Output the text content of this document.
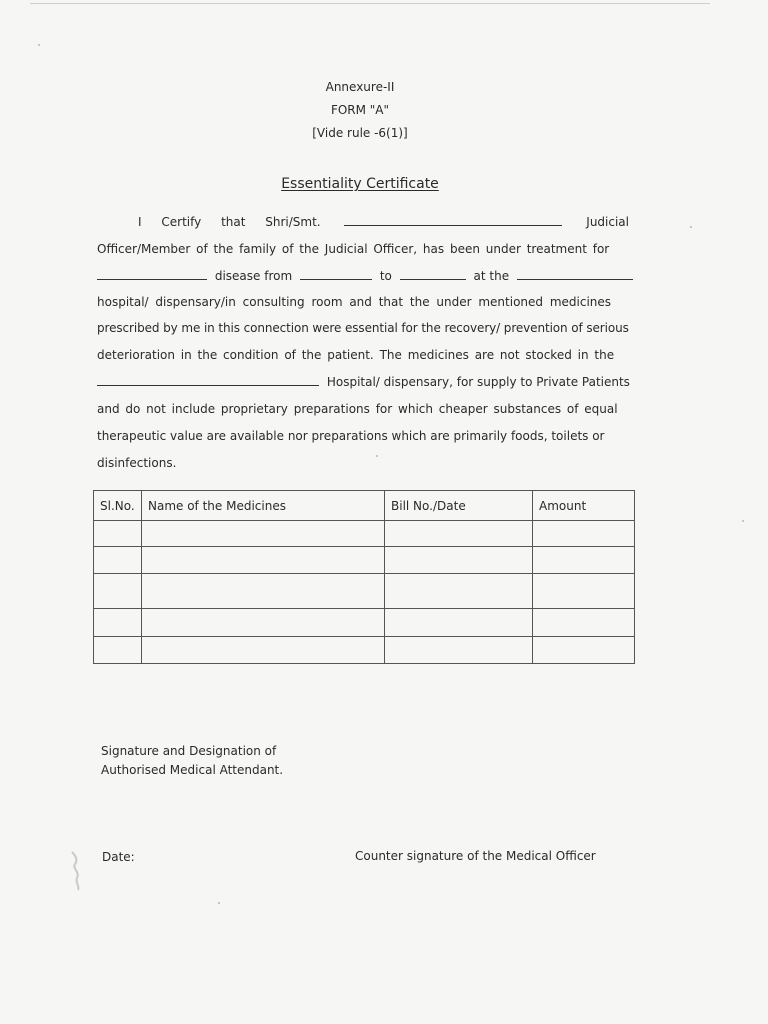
Annexure-II
FORM "A"
[Vide rule -6(1)]
Essentiality Certificate
I Certify that Shri/Smt.	Judicial
Officer/Member of the family of the Judicial Officer, has been under treatment for
disease from	to	at the
hospital/ dispensary/in consulting room and that the under mentioned medicines
prescribed by me in this connection were essential for the recovery/ prevention of serious
deterioration in the condition of the patient. The medicines are not stocked in the
Hospital/ dispensary, for supply to Private Patients
and do not include proprietary preparations for which cheaper substances of equal
therapeutic value are available nor preparations which are primarily foods, toilets or
disinfections.
Sl.No.	Name of the Medicines	Bill No./Date	Amount

Signature and Designation of
Authorised Medical Attendant.
Date:	Counter signature of the Medical Officer
